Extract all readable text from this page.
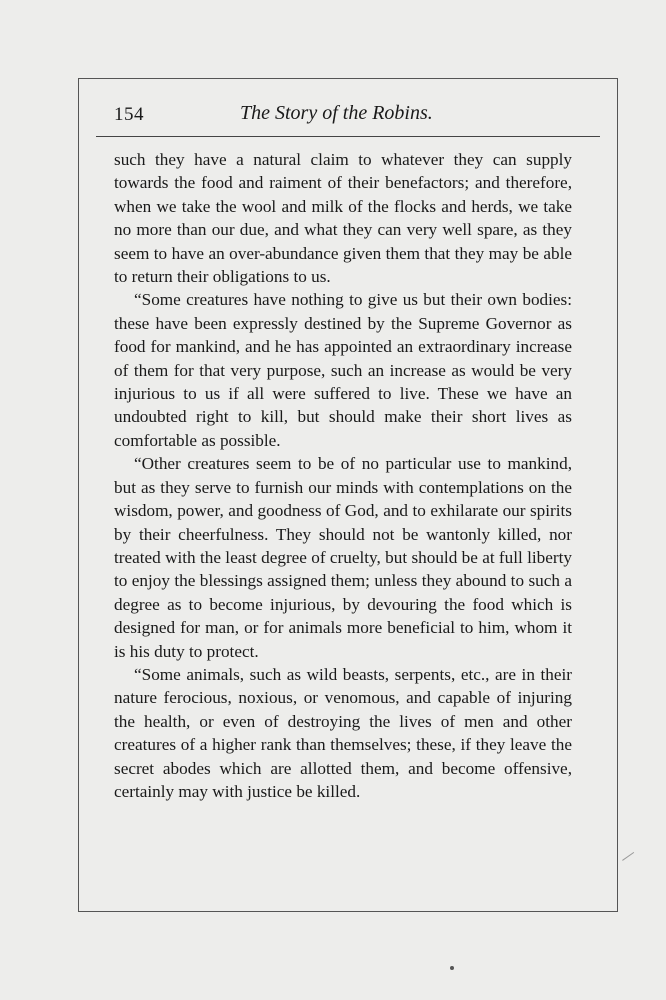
154	The Story of the Robins.

such they have a natural claim to whatever they can supply towards the food and raiment of their benefactors; and therefore, when we take the wool and milk of the flocks and herds, we take no more than our due, and what they can very well spare, as they seem to have an over-abundance given them that they may be able to return their obligations to us.

“Some creatures have nothing to give us but their own bodies: these have been expressly destined by the Supreme Governor as food for mankind, and he has appointed an extraordinary increase of them for that very purpose, such an increase as would be very injurious to us if all were suffered to live. These we have an undoubted right to kill, but should make their short lives as comfortable as possible.

“Other creatures seem to be of no particular use to mankind, but as they serve to furnish our minds with contemplations on the wisdom, power, and goodness of God, and to exhilarate our spirits by their cheerfulness. They should not be wantonly killed, nor treated with the least degree of cruelty, but should be at full liberty to enjoy the blessings assigned them; unless they abound to such a degree as to become injurious, by devouring the food which is designed for man, or for animals more beneficial to him, whom it is his duty to protect.

“Some animals, such as wild beasts, serpents, etc., are in their nature ferocious, noxious, or venomous, and capable of injuring the health, or even of destroying the lives of men and other creatures of a higher rank than themselves; these, if they leave the secret abodes which are allotted them, and become offensive, certainly may with justice be killed.
